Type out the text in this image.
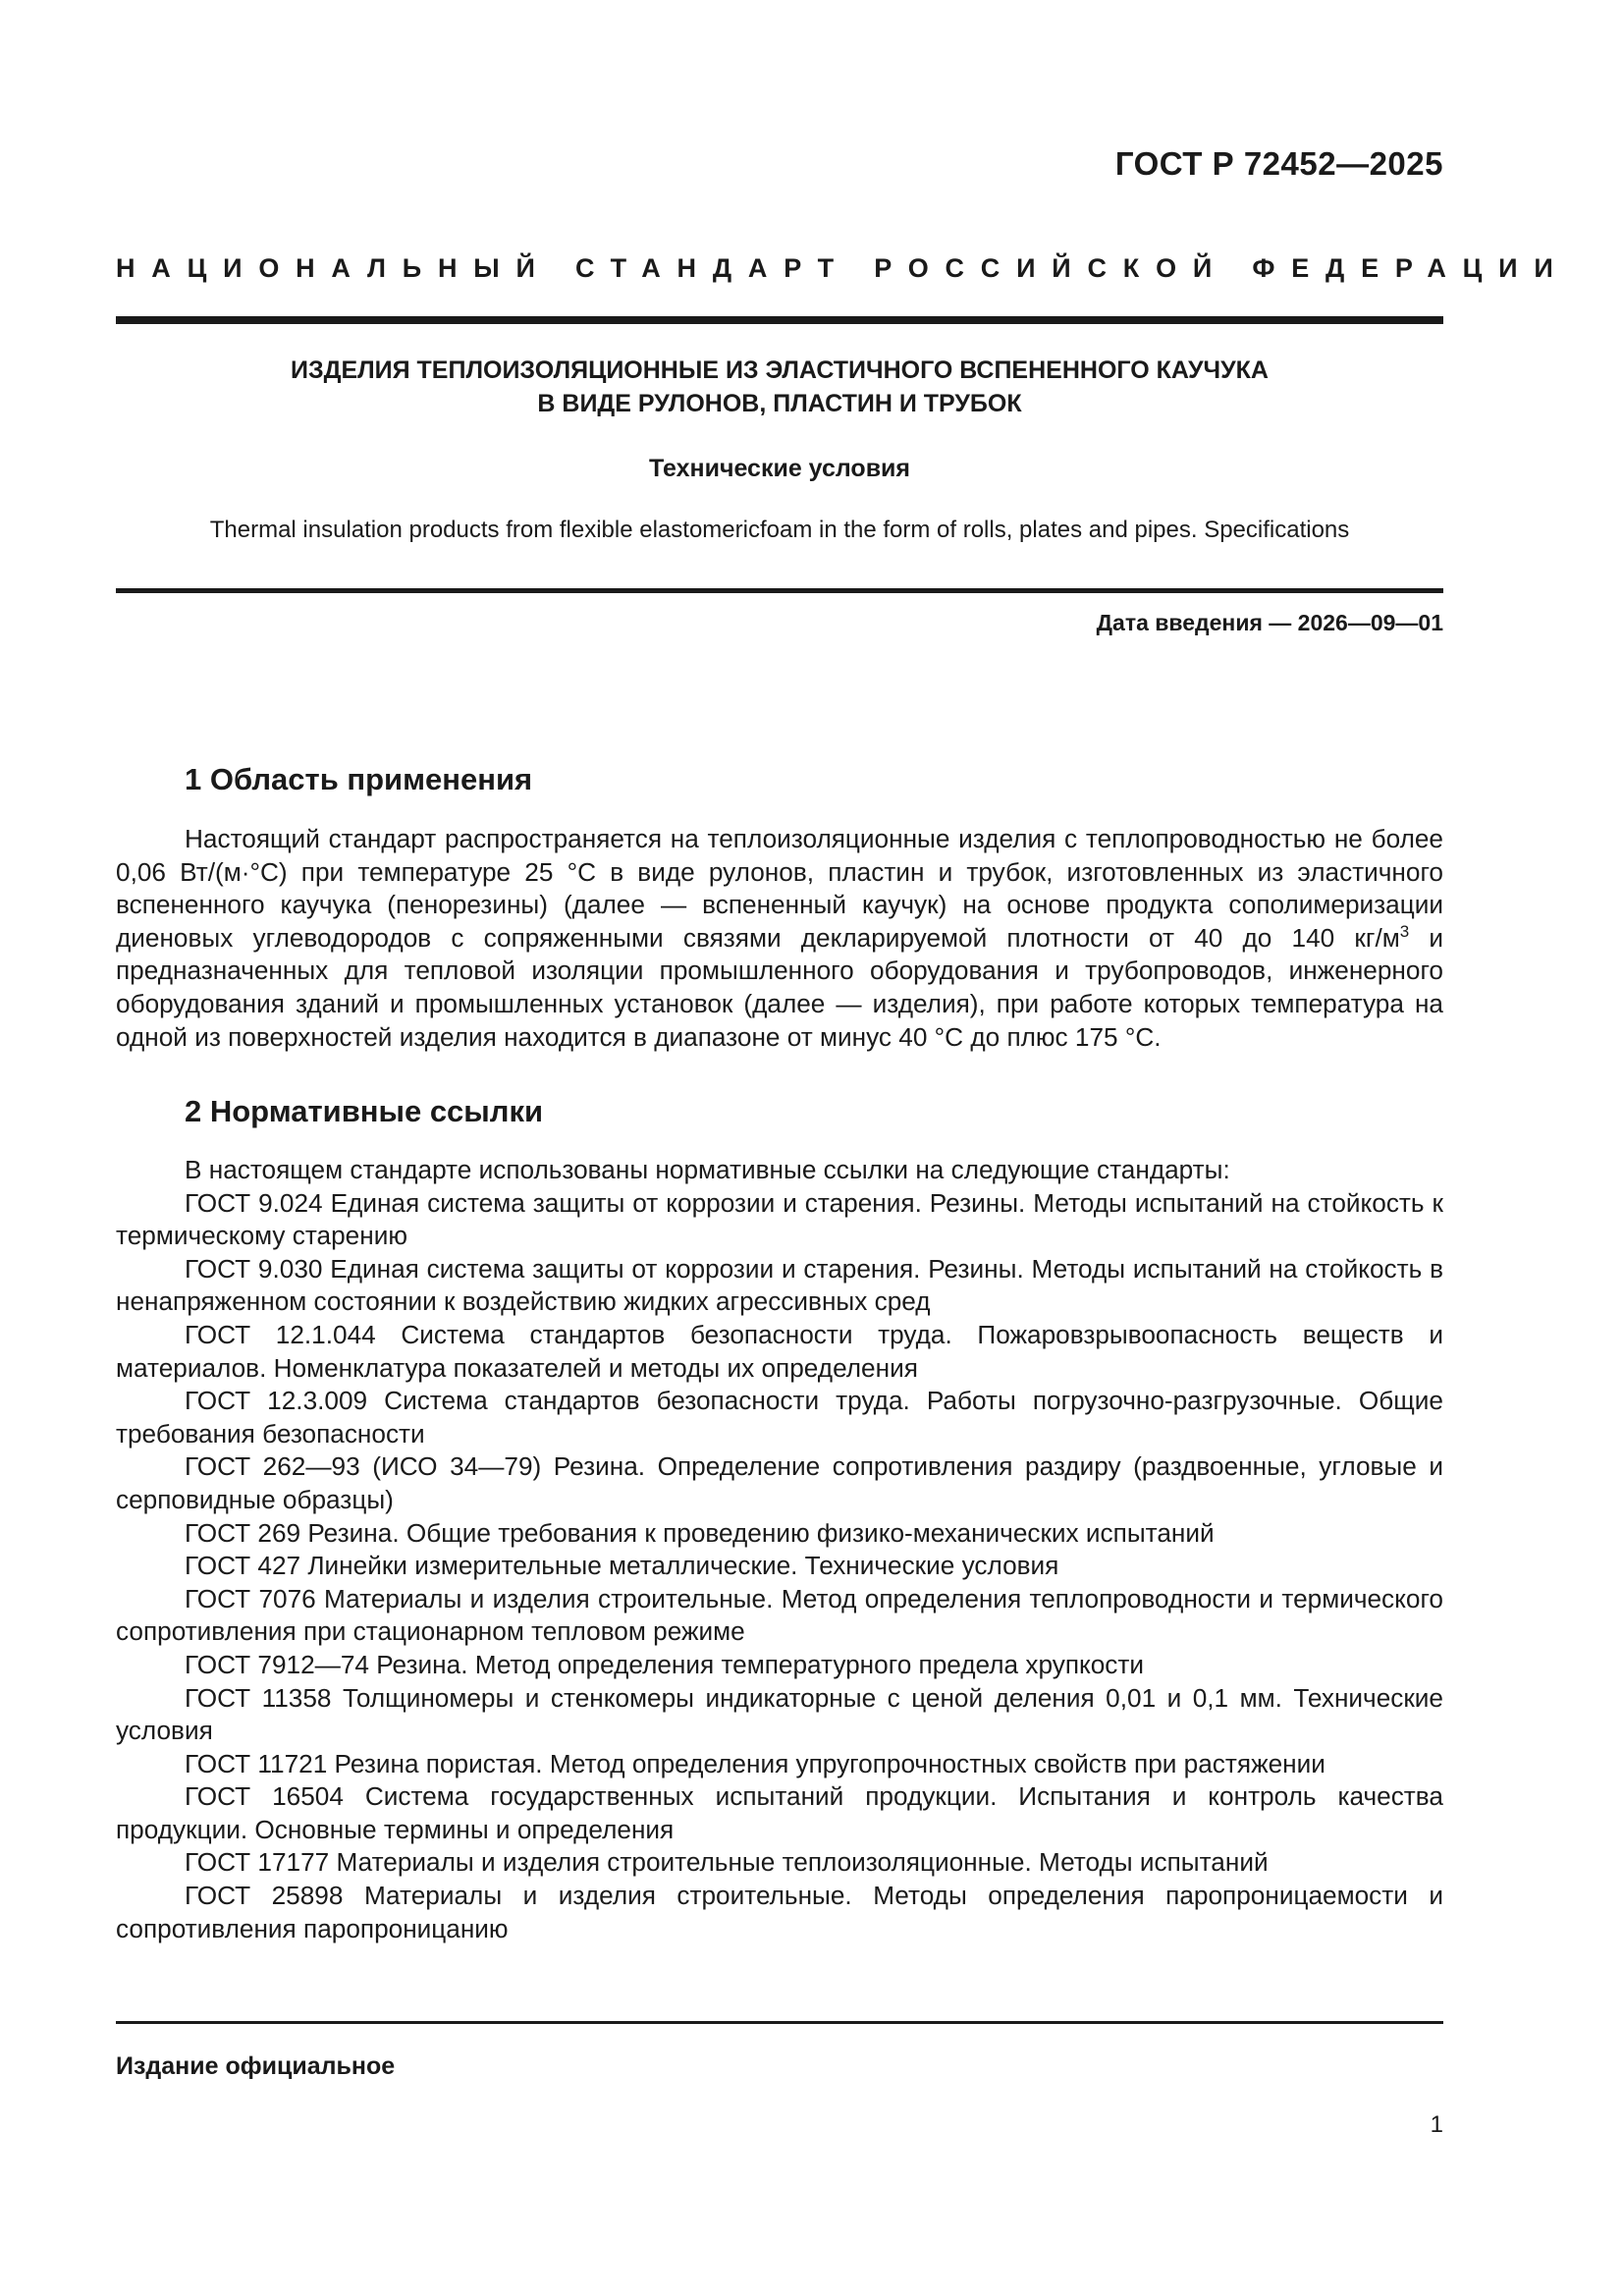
ГОСТ Р 72452—2025
НАЦИОНАЛЬНЫЙ СТАНДАРТ РОССИЙСКОЙ ФЕДЕРАЦИИ
ИЗДЕЛИЯ ТЕПЛОИЗОЛЯЦИОННЫЕ ИЗ ЭЛАСТИЧНОГО ВСПЕНЕННОГО КАУЧУКА
В ВИДЕ РУЛОНОВ, ПЛАСТИН И ТРУБОК
Технические условия
Thermal insulation products from flexible elastomericfoam in the form of rolls, plates and pipes. Specifications
Дата введения — 2026—09—01
1 Область применения

Настоящий стандарт распространяется на теплоизоляционные изделия с теплопроводностью не более 0,06 Вт/(м·°С) при температуре 25 °С в виде рулонов, пластин и трубок, изготовленных из эластичного вспененного каучука (пенорезины) (далее — вспененный каучук) на основе продукта сополимеризации диеновых углеводородов с сопряженными связями декларируемой плотности от 40 до 140 $кг/м^3$ и предназначенных для тепловой изоляции промышленного оборудования и трубопроводов, инженерного оборудования зданий и промышленных установок (далее — изделия), при работе которых температура на одной из поверхностей изделия находится в диапазоне от минус 40 °С до плюс 175 °С.

2 Нормативные ссылки

В настоящем стандарте использованы нормативные ссылки на следующие стандарты:

ГОСТ 9.024 Единая система защиты от коррозии и старения. Резины. Методы испытаний на стойкость к термическому старению

ГОСТ 9.030 Единая система защиты от коррозии и старения. Резины. Методы испытаний на стойкость в ненапряженном состоянии к воздействию жидких агрессивных сред

ГОСТ 12.1.044 Система стандартов безопасности труда. Пожаровзрывоопасность веществ и материалов. Номенклатура показателей и методы их определения

ГОСТ 12.3.009 Система стандартов безопасности труда. Работы погрузочно-разгрузочные. Общие требования безопасности

ГОСТ 262—93 (ИСО 34—79) Резина. Определение сопротивления раздиру (раздвоенные, угловые и серповидные образцы)

ГОСТ 269 Резина. Общие требования к проведению физико-механических испытаний

ГОСТ 427 Линейки измерительные металлические. Технические условия

ГОСТ 7076 Материалы и изделия строительные. Метод определения теплопроводности и термического сопротивления при стационарном тепловом режиме

ГОСТ 7912—74 Резина. Метод определения температурного предела хрупкости

ГОСТ 11358 Толщиномеры и стенкомеры индикаторные с ценой деления 0,01 и 0,1 мм. Технические условия

ГОСТ 11721 Резина пористая. Метод определения упругопрочностных свойств при растяжении

ГОСТ 16504 Система государственных испытаний продукции. Испытания и контроль качества продукции. Основные термины и определения

ГОСТ 17177 Материалы и изделия строительные теплоизоляционные. Методы испытаний

ГОСТ 25898 Материалы и изделия строительные. Методы определения паропроницаемости и сопротивления паропроницанию

Издание официальное
1
